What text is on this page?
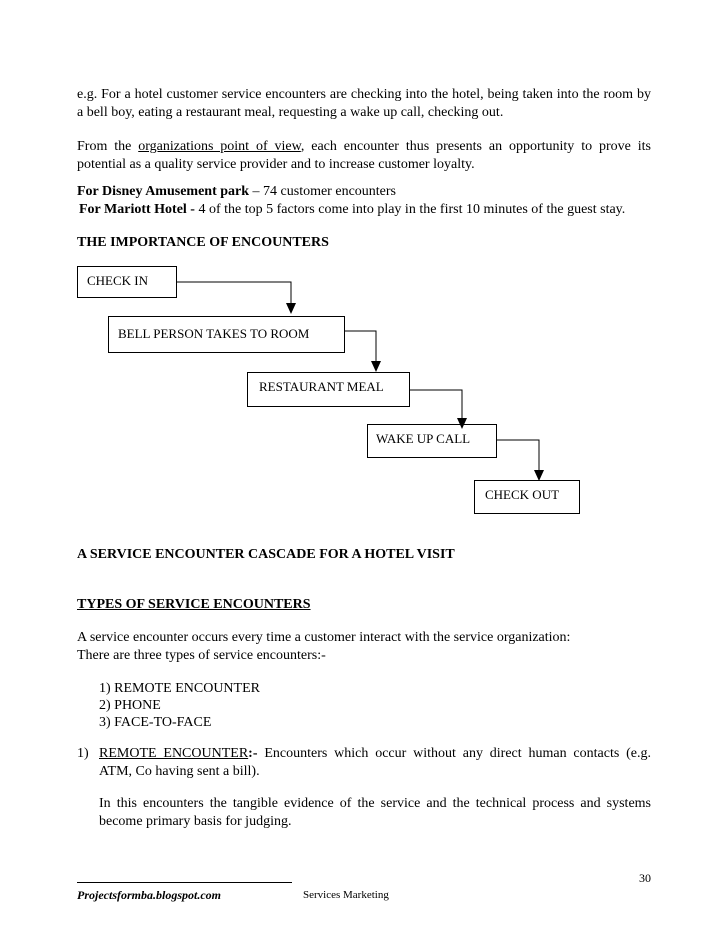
e.g. For a hotel customer service encounters are checking into the hotel, being taken into the room by a bell boy, eating a restaurant meal, requesting a wake up call, checking out.

From the organizations point of view, each encounter thus presents an opportunity to prove its potential as a quality service provider and to increase customer loyalty.

For Disney Amusement park – 74 customer encounters
For Mariott Hotel - 4 of the top 5 factors come into play in the first 10 minutes of the guest stay.
THE IMPORTANCE OF ENCOUNTERS
CHECK IN
BELL PERSON TAKES TO ROOM
RESTAURANT MEAL
WAKE UP CALL
CHECK OUT
A SERVICE ENCOUNTER CASCADE FOR A HOTEL VISIT
TYPES OF SERVICE ENCOUNTERS
A service encounter occurs every time a customer interact with the service organization:
There are three types of service encounters:-
1) REMOTE ENCOUNTER
2) PHONE
3) FACE-TO-FACE
1) REMOTE ENCOUNTER:- Encounters which occur without any direct human contacts (e.g. ATM, Co having sent a bill).

In this encounters the tangible evidence of the service and the technical process and systems become primary basis for judging.

30
Projectsformba.blogspot.com	Services Marketing
